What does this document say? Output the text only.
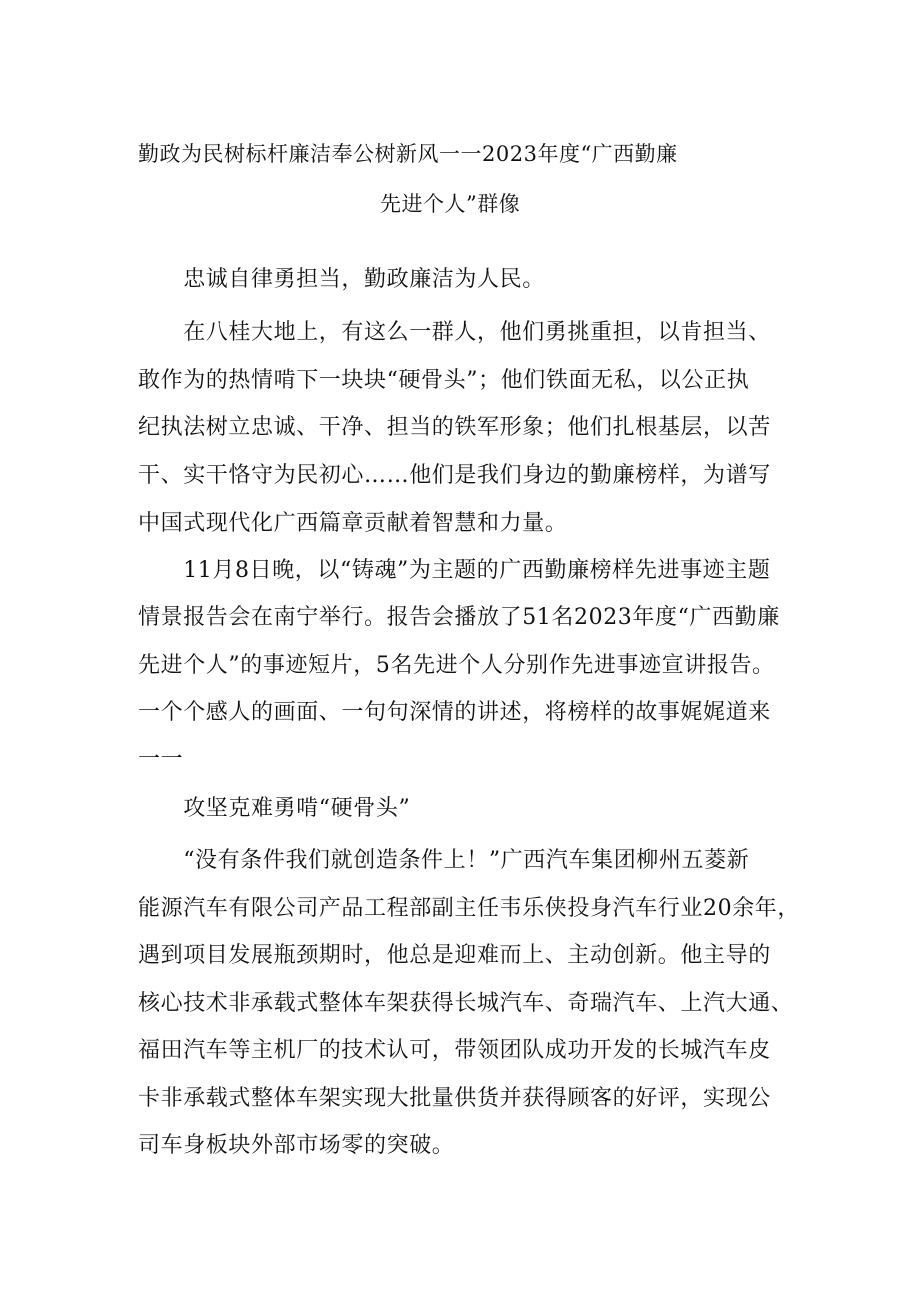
勤政为民树标杆廉洁奉公树新风一一2023年度“广西勤廉
先进个人”群像
　　忠诚自律勇担当，勤政廉洁为人民。
　　在八桂大地上，有这么一群人，他们勇挑重担，以肯担当、
敢作为的热情啃下一块块“硬骨头”；他们铁面无私，以公正执
纪执法树立忠诚、干净、担当的铁军形象；他们扎根基层，以苦
干、实干恪守为民初心……他们是我们身边的勤廉榜样，为谱写
中国式现代化广西篇章贡献着智慧和力量。
　　11月8日晚，以“铸魂”为主题的广西勤廉榜样先进事迹主题
情景报告会在南宁举行。报告会播放了51名2023年度“广西勤廉
先进个人”的事迹短片，5名先进个人分别作先进事迹宣讲报告。
一个个感人的画面、一句句深情的讲述，将榜样的故事娓娓道来
一一
　　攻坚克难勇啃“硬骨头”
　　“没有条件我们就创造条件上！”广西汽车集团柳州五菱新
能源汽车有限公司产品工程部副主任韦乐侠投身汽车行业20余年，
遇到项目发展瓶颈期时，他总是迎难而上、主动创新。他主导的
核心技术非承载式整体车架获得长城汽车、奇瑞汽车、上汽大通、
福田汽车等主机厂的技术认可，带领团队成功开发的长城汽车皮
卡非承载式整体车架实现大批量供货并获得顾客的好评，实现公
司车身板块外部市场零的突破。
